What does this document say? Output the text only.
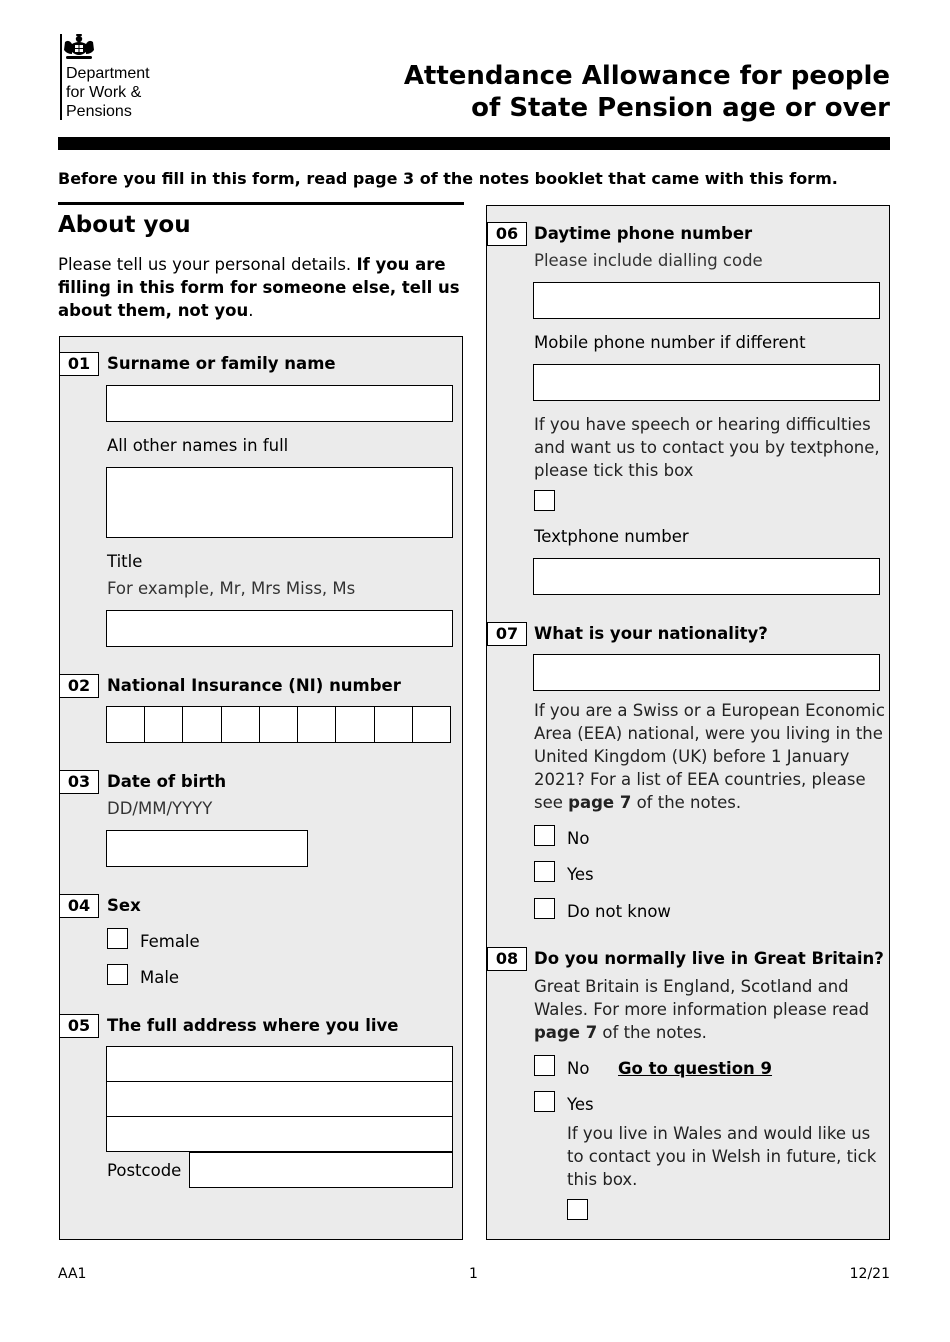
Department
for Work &
Pensions
Attendance Allowance for people
of State Pension age or over
Before you fill in this form, read page 3 of the notes booklet that came with this form.
About you
Please tell us your personal details. If you are filling in this form for someone else, tell us about them, not you.
01	Surname or family name
All other names in full
Title
For example, Mr, Mrs Miss, Ms
02	National Insurance (NI) number
03	Date of birth
DD/MM/YYYY
04	Sex
Female
Male
05	The full address where you live
Postcode
06 Daytime phone number
Please include dialling code
Mobile phone number if different
If you have speech or hearing difficulties and want us to contact you by textphone, please tick this box
Textphone number
07 What is your nationality?
If you are a Swiss or a European Economic Area (EEA) national, were you living in the United Kingdom (UK) before 1 January 2021? For a list of EEA countries, please see page 7 of the notes.
No
Yes
Do not know
08 Do you normally live in Great Britain?
Great Britain is England, Scotland and Wales. For more information please read page 7 of the notes.
No Go to question 9
Yes
If you live in Wales and would like us to contact you in Welsh in future, tick this box.
AA1	1	12/21
